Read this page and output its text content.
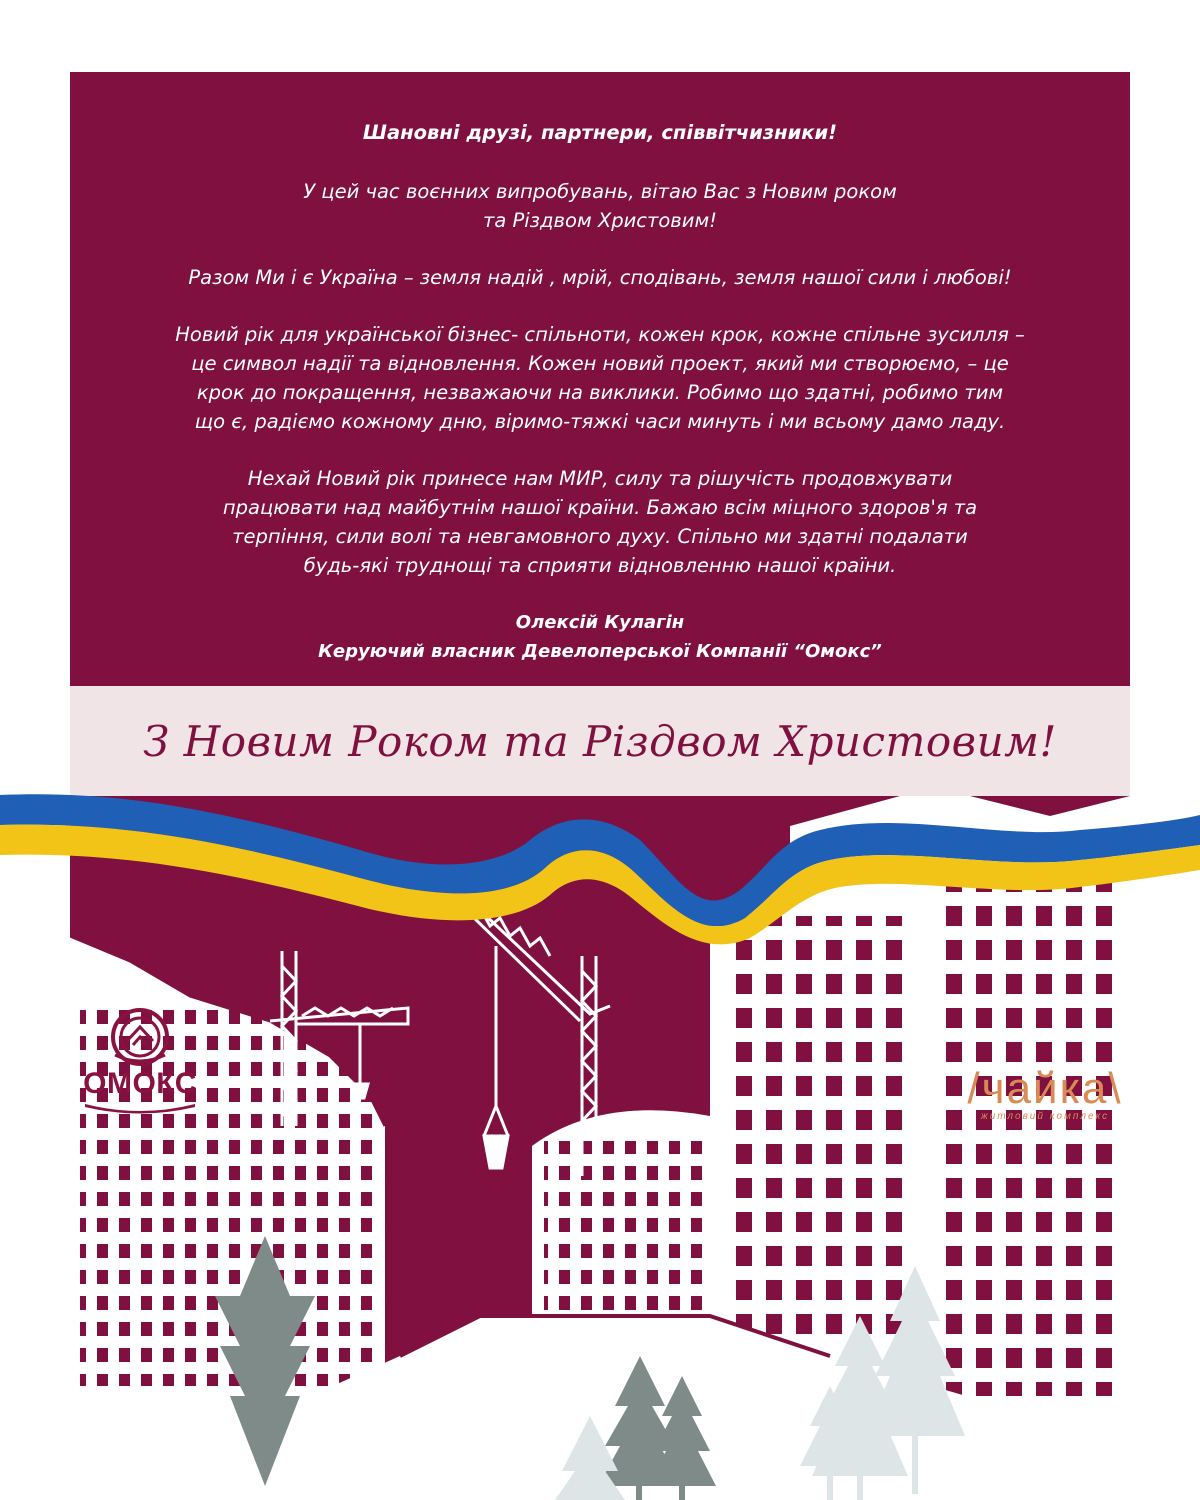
Шановні друзі, партнери, співвітчизники!

У цей час воєнних випробувань, вітаю Вас з Новим роком
та Різдвом Христовим!

Разом Ми і є Україна – земля надій , мрій, сподівань, земля нашої сили і любові!

Новий рік для української бізнес- спільноти, кожен крок, кожне спільне зусилля –
це символ надії та відновлення. Кожен новий проект, який ми створюємо, – це
крок до покращення, незважаючи на виклики. Робимо що здатні, робимо тим
що є, радіємо кожному дню, віримо-тяжкі часи минуть і ми всьому дамо ладу.

Нехай Новий рік принесе нам МИР, силу та рішучість продовжувати
працювати над майбутнім нашої країни. Бажаю всім міцного здоров'я та
терпіння, сили волі та невгамовного духу. Спільно ми здатні подалати
будь-які труднощі та сприяти відновленню нашої країни.

Олексій Кулагін
Керуючий власник Девелоперської Компанії “Омокс”
З Новим Роком та Різдвом Христовим!
ОМОКС	/чайка\
житловий комплекс
